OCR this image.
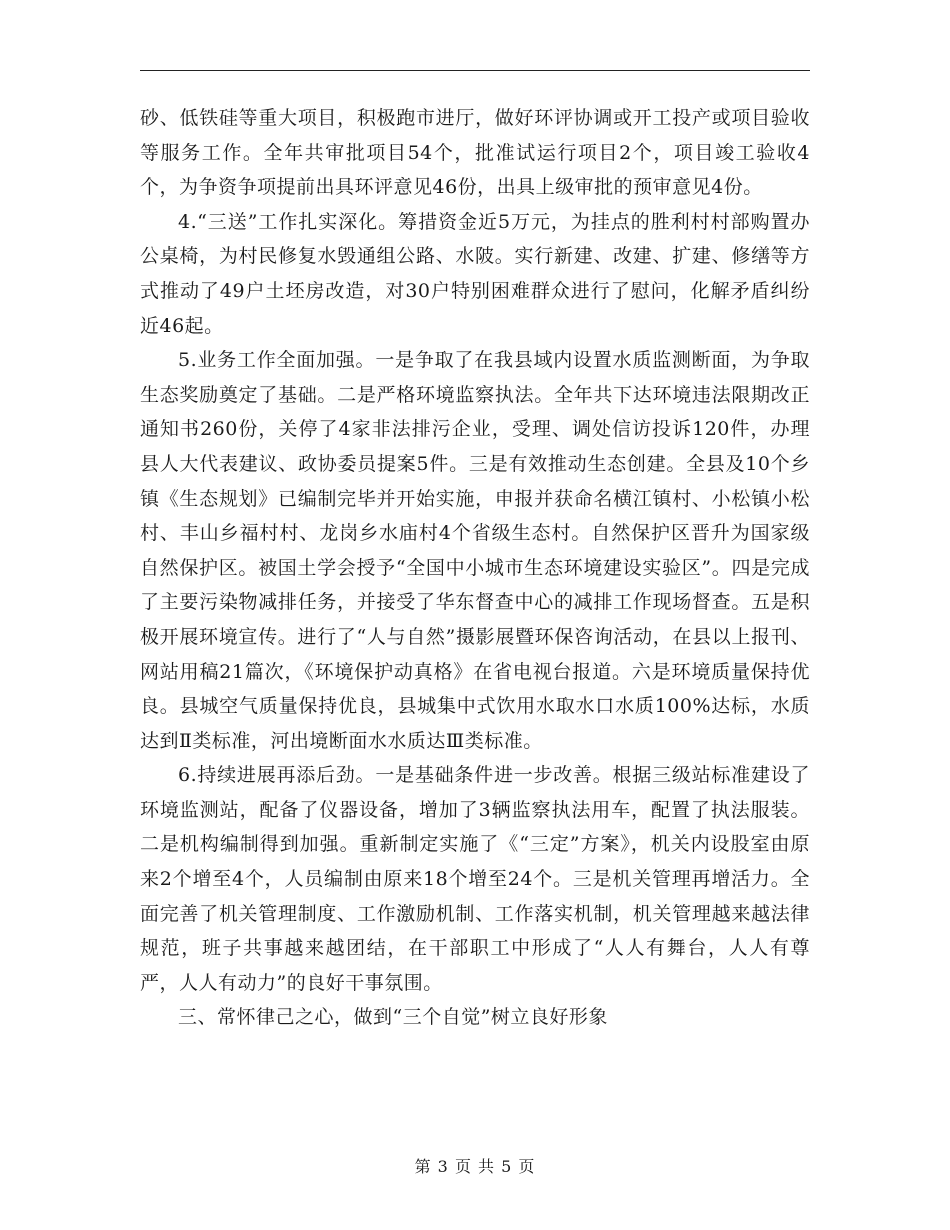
砂、低铁硅等重大项目，积极跑市进厅，做好环评协调或开工投产或项目验收等服务工作。全年共审批项目54个，批准试运行项目2个，项目竣工验收4个，为争资争项提前出具环评意见46份，出具上级审批的预审意见4份。

4.“三送”工作扎实深化。筹措资金近5万元，为挂点的胜利村村部购置办公桌椅，为村民修复水毁通组公路、水陂。实行新建、改建、扩建、修缮等方式推动了49户土坯房改造，对30户特别困难群众进行了慰问，化解矛盾纠纷近46起。

5.业务工作全面加强。一是争取了在我县域内设置水质监测断面，为争取生态奖励奠定了基础。二是严格环境监察执法。全年共下达环境违法限期改正通知书260份，关停了4家非法排污企业，受理、调处信访投诉120件，办理县人大代表建议、政协委员提案5件。三是有效推动生态创建。全县及10个乡镇《生态规划》已编制完毕并开始实施，申报并获命名横江镇村、小松镇小松村、丰山乡福村村、龙岗乡水庙村4个省级生态村。自然保护区晋升为国家级自然保护区。被国土学会授予“全国中小城市生态环境建设实验区”。四是完成了主要污染物减排任务，并接受了华东督查中心的减排工作现场督查。五是积极开展环境宣传。进行了“人与自然”摄影展暨环保咨询活动，在县以上报刊、网站用稿21篇次，《环境保护动真格》在省电视台报道。六是环境质量保持优良。县城空气质量保持优良，县城集中式饮用水取水口水质100%达标，水质达到Ⅱ类标准，河出境断面水水质达Ⅲ类标准。

6.持续进展再添后劲。一是基础条件进一步改善。根据三级站标准建设了环境监测站，配备了仪器设备，增加了3辆监察执法用车，配置了执法服装。二是机构编制得到加强。重新制定实施了《“三定”方案》，机关内设股室由原来2个增至4个，人员编制由原来18个增至24个。三是机关管理再增活力。全面完善了机关管理制度、工作激励机制、工作落实机制，机关管理越来越法律规范，班子共事越来越团结，在干部职工中形成了“人人有舞台，人人有尊严，人人有动力”的良好干事氛围。

三、常怀律己之心，做到“三个自觉”树立良好形象

第 3 页 共 5 页
